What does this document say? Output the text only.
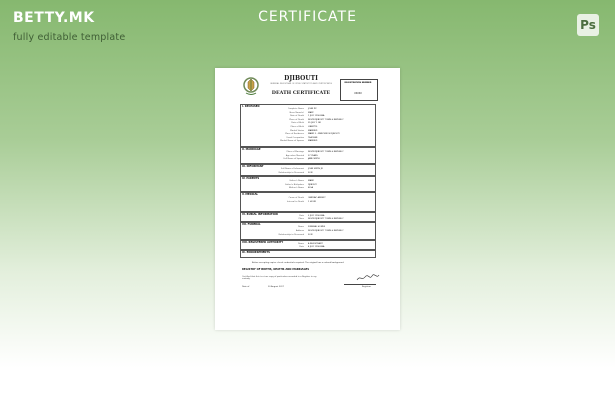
BETTY.MK
fully editable template
CERTIFICATE	Ps
DJIBOUTI
GENERAL REGISTRAR OF VITAL STATISTICS AND CERTIFICATES
DEATH CERTIFICATE
REGISTRATION NUMBER
XXXXX
I. DECEASED
II. MARRIAGE
III. INFORMANT
IV. PARENTS
V. MEDICAL
VI. BURIAL INFORMATION
VII. FUNERAL
VIII. REGISTERED AUTHORITY
IX. ENDORSEMENTS
Complete Name JOHN XX
Given Name(s) MARY
Date of Death 1 JULY 1996 BEA
Place of Death NOVIN DJIBOUTI TOWN & REPUBLIC
Date of Birth 25 JULY 1 GR
Place of Birth LIBERTYS
Marital Status MARRIED
Place of Residence WARD 2 - MERCURIOS DJIBOUTI
Usual Occupation TEACHER
Marital Name of Spouse MARRIED
Place of Marriage NOVIN DJIBOUTI TOWN & REPUBLIC
Age when Married 27 YEARS
Full Name of Spouse JANE SMITH
Full Name of Informant JOHN SMITH JR
Relationship to Deceased SON
Father's Name MARK
Father's Birthplace DJIBOUTI
Mother's Name ELSA
Cause of Death CARDIAC ARREST
Interval to Death 1 HOUR
Date 3 JULY 1996 BEA
Place NOVIN DJIBOUTI TOWN & REPUBLIC
Name FUNERAL HOMES
Address NOVIN DJIBOUTI TOWN & REPUBLIC
Relationship to Deceased SON
Name A REGISTRANT
Date 4 JULY 1996 BEA
Before accepting copies, check credentials required. The original has a colored background.
REGISTRY OF BIRTHS, DEATHS AND MARRIAGES
Certified that this is a true copy of particulars recorded in a Register in my custody.
Date of	20 August 2017	Registrar
